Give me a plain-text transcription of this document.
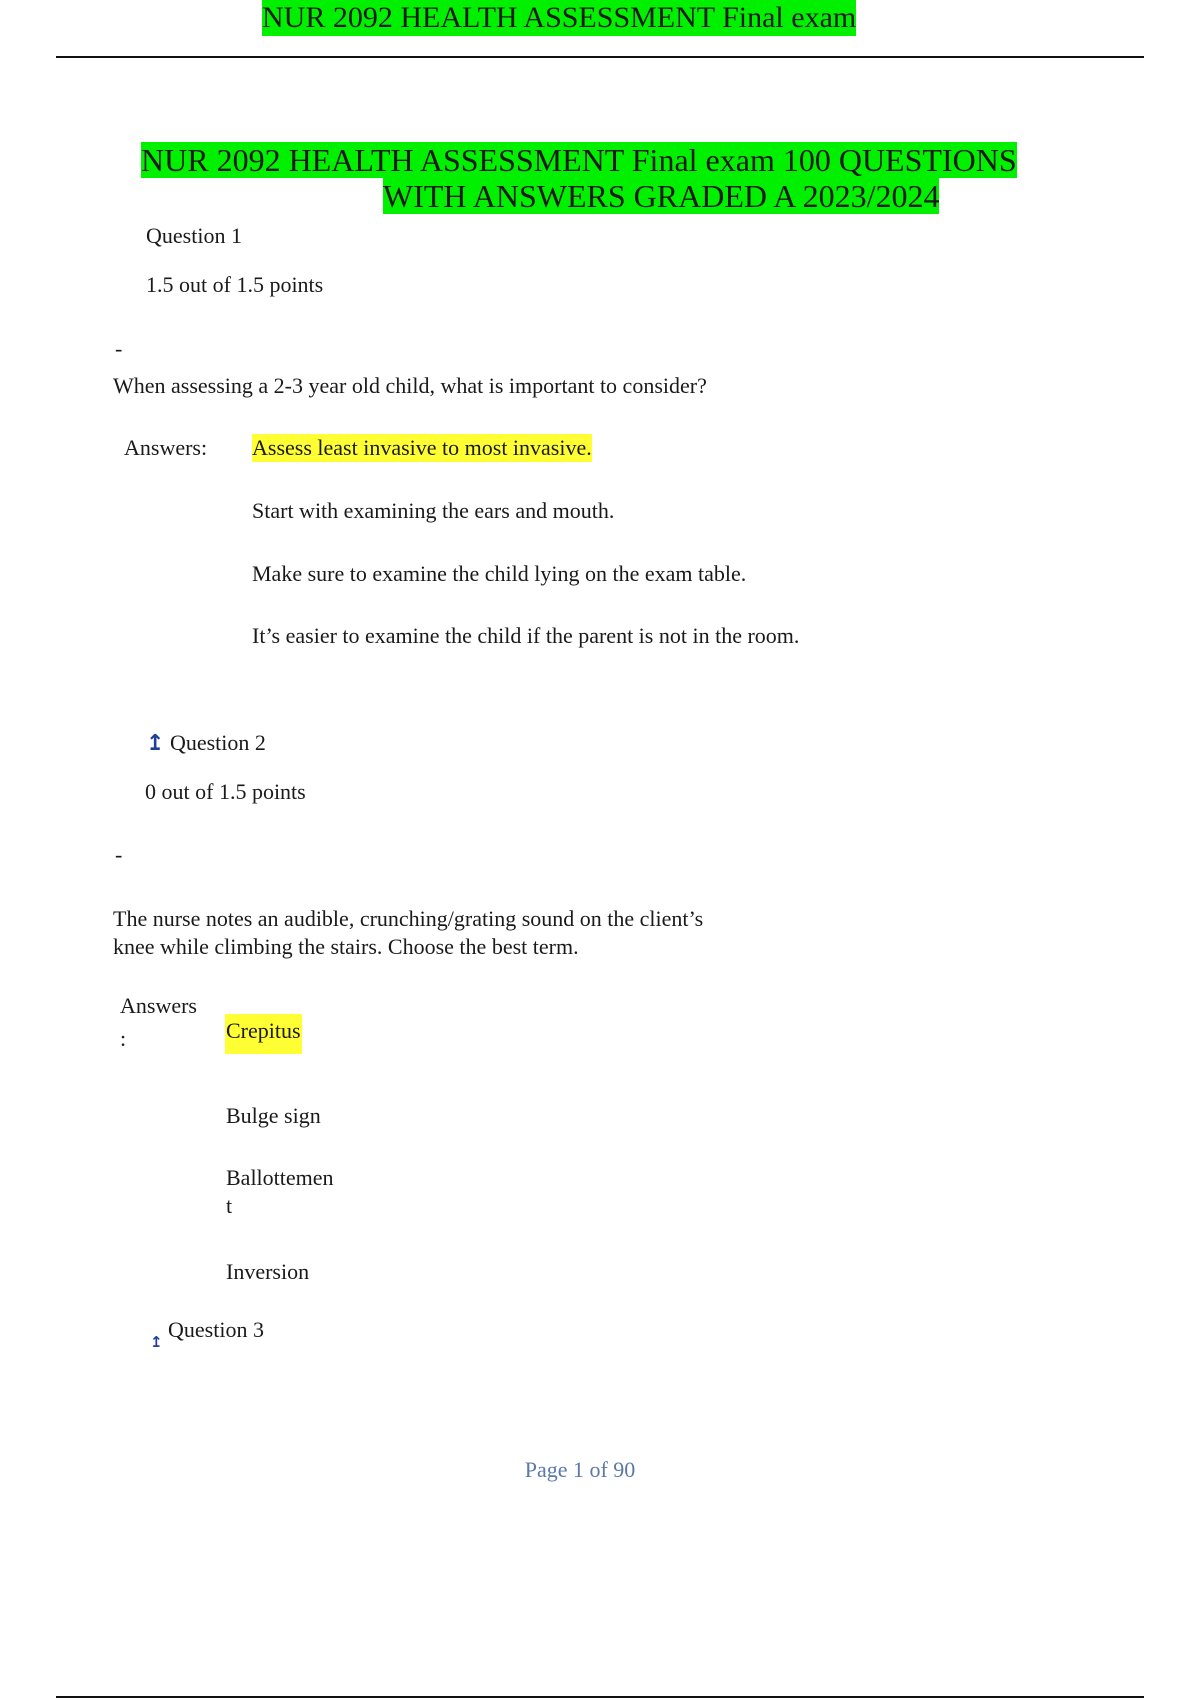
NUR 2092 HEALTH ASSESSMENT Final exam
NUR 2092 HEALTH ASSESSMENT Final exam 100 QUESTIONS
WITH ANSWERS GRADED A 2023/2024
Question 1
1.5 out of 1.5 points
-
When assessing a 2-3 year old child, what is important to consider?
Answers: Assess least invasive to most invasive.
Start with examining the ears and mouth.
Make sure to examine the child lying on the exam table.
It’s easier to examine the child if the parent is not in the room.
↥ Question 2
0 out of 1.5 points
-
The nurse notes an audible, crunching/grating sound on the client’s
knee while climbing the stairs. Choose the best term.
Answers
:	Crepitus
Bulge sign
Ballottemen
t
Inversion
↥ Question 3
Page 1 of 90
